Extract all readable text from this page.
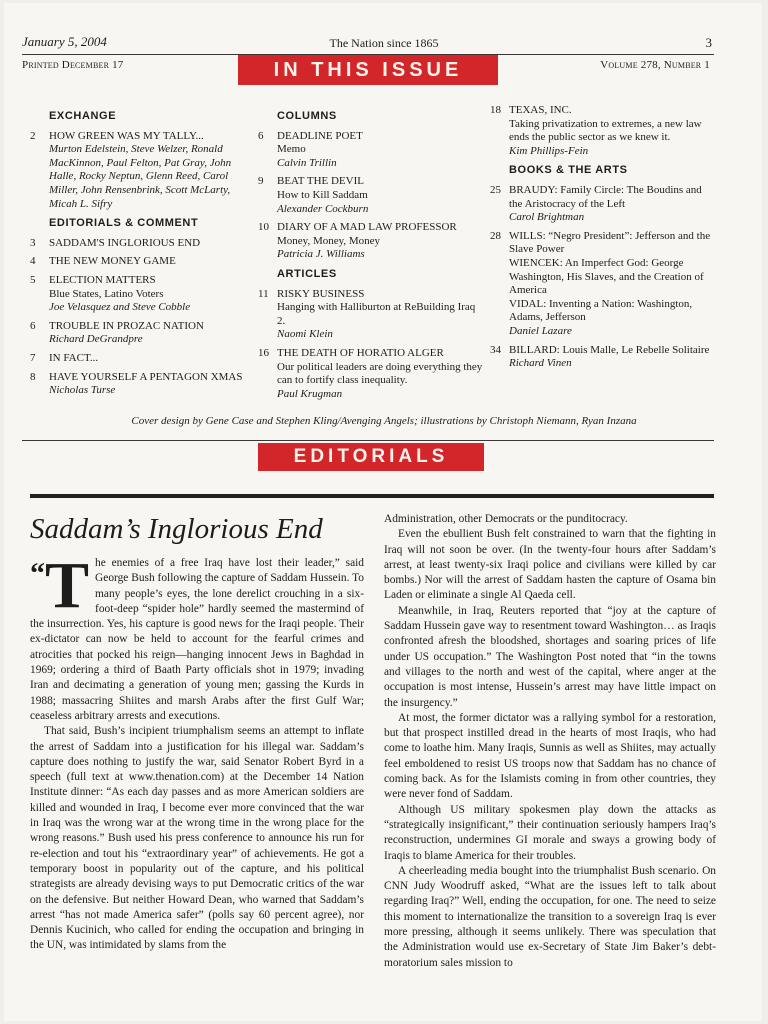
January 5, 2004	The Nation since 1865	3
Printed December 17	Volume 278, Number 1
IN THIS ISSUE
EXCHANGE
2	HOW GREEN WAS MY TALLY...
Murton Edelstein, Steve Welzer, Ronald MacKinnon, Paul Felton, Pat Gray, John Halle, Rocky Neptun, Glenn Reed, Carol Miller, John Rensenbrink, Scott McLarty, Micah L. Sifry
EDITORIALS & COMMENT
3	SADDAM'S INGLORIOUS END
4	THE NEW MONEY GAME
5	ELECTION MATTERS
Blue States, Latino Voters
Joe Velasquez and Steve Cobble
6	TROUBLE IN PROZAC NATION
Richard DeGrandpre
7	IN FACT...
8	HAVE YOURSELF A PENTAGON XMAS
Nicholas Turse
COLUMNS
6	DEADLINE POET
Memo
Calvin Trillin
9	BEAT THE DEVIL
How to Kill Saddam
Alexander Cockburn
10 DIARY OF A MAD LAW PROFESSOR
Money, Money, Money
Patricia J. Williams
ARTICLES
11 RISKY BUSINESS
Hanging with Halliburton at ReBuilding Iraq 2.
Naomi Klein
16 THE DEATH OF HORATIO ALGER
Our political leaders are doing everything they can to fortify class inequality.
Paul Krugman
18 TEXAS, INC.
Taking privatization to extremes, a new law ends the public sector as we knew it.
Kim Phillips-Fein
BOOKS & THE ARTS
25 BRAUDY: Family Circle: The Boudins and the Aristocracy of the Left
Carol Brightman
28 WILLS: “Negro President”: Jefferson and the Slave Power
WIENCEK: An Imperfect God: George Washington, His Slaves, and the Creation of America
VIDAL: Inventing a Nation: Washington, Adams, Jefferson
Daniel Lazare
34 BILLARD: Louis Malle, Le Rebelle Solitaire
Richard Vinen
Cover design by Gene Case and Stephen Kling/Avenging Angels; illustrations by Christoph Niemann, Ryan Inzana
EDITORIALS
Saddam’s Inglorious End
“T he enemies of a free Iraq have lost their leader,” said George Bush following the capture of Saddam Hussein. To many people’s eyes, the lone derelict crouching in a six-foot-deep “spider hole” hardly seemed the mastermind of the insurrection. Yes, his capture is good news for the Iraqi people. Their ex-dictator can now be held to account for the fearful crimes and atrocities that pocked his reign—hanging innocent Jews in Baghdad in 1969; ordering a third of Baath Party officials shot in 1979; invading Iran and decimating a generation of young men; gassing the Kurds in 1988; massacring Shiites and marsh Arabs after the first Gulf War; ceaseless arbitrary arrests and executions.

That said, Bush’s incipient triumphalism seems an attempt to inflate the arrest of Saddam into a justification for his illegal war. Saddam’s capture does nothing to justify the war, said Senator Robert Byrd in a speech (full text at www.thenation.com) at the December 14 Nation Institute dinner: “As each day passes and as more American soldiers are killed and wounded in Iraq, I become ever more convinced that the war in Iraq was the wrong war at the wrong time in the wrong place for the wrong reasons.” Bush used his press conference to announce his run for re-election and tout his “extraordinary year” of achievements. He got a temporary boost in popularity out of the capture, and his political strategists are already devising ways to put Democratic critics of the war on the defensive. But neither Howard Dean, who warned that Saddam’s arrest “has not made America safer” (polls say 60 percent agree), nor Dennis Kucinich, who called for ending the occupation and bringing in the UN, was intimidated by slams from the

Administration, other Democrats or the punditocracy.

Even the ebullient Bush felt constrained to warn that the fighting in Iraq will not soon be over. (In the twenty-four hours after Saddam’s arrest, at least twenty-six Iraqi police and civilians were killed by car bombs.) Nor will the arrest of Saddam hasten the capture of Osama bin Laden or eliminate a single Al Qaeda cell.

Meanwhile, in Iraq, Reuters reported that “joy at the capture of Saddam Hussein gave way to resentment toward Washington… as Iraqis confronted afresh the bloodshed, shortages and soaring prices of life under US occupation.” The Washington Post noted that “in the towns and villages to the north and west of the capital, where anger at the occupation is most intense, Hussein’s arrest may have little impact on the insurgency.”

At most, the former dictator was a rallying symbol for a restoration, but that prospect instilled dread in the hearts of most Iraqis, who had come to loathe him. Many Iraqis, Sunnis as well as Shiites, may actually feel emboldened to resist US troops now that Saddam has no chance of coming back. As for the Islamists coming in from other countries, they were never fond of Saddam.

Although US military spokesmen play down the attacks as “strategically insignificant,” their continuation seriously hampers Iraq’s reconstruction, undermines GI morale and sways a growing body of Iraqis to blame America for their troubles.

A cheerleading media bought into the triumphalist Bush scenario. On CNN Judy Woodruff asked, “What are the issues left to talk about regarding Iraq?” Well, ending the occupation, for one. The need to seize this moment to internationalize the transition to a sovereign Iraq is ever more pressing, although it seems unlikely. There was speculation that the Administration would use ex-Secretary of State Jim Baker’s debt-moratorium sales mission to
